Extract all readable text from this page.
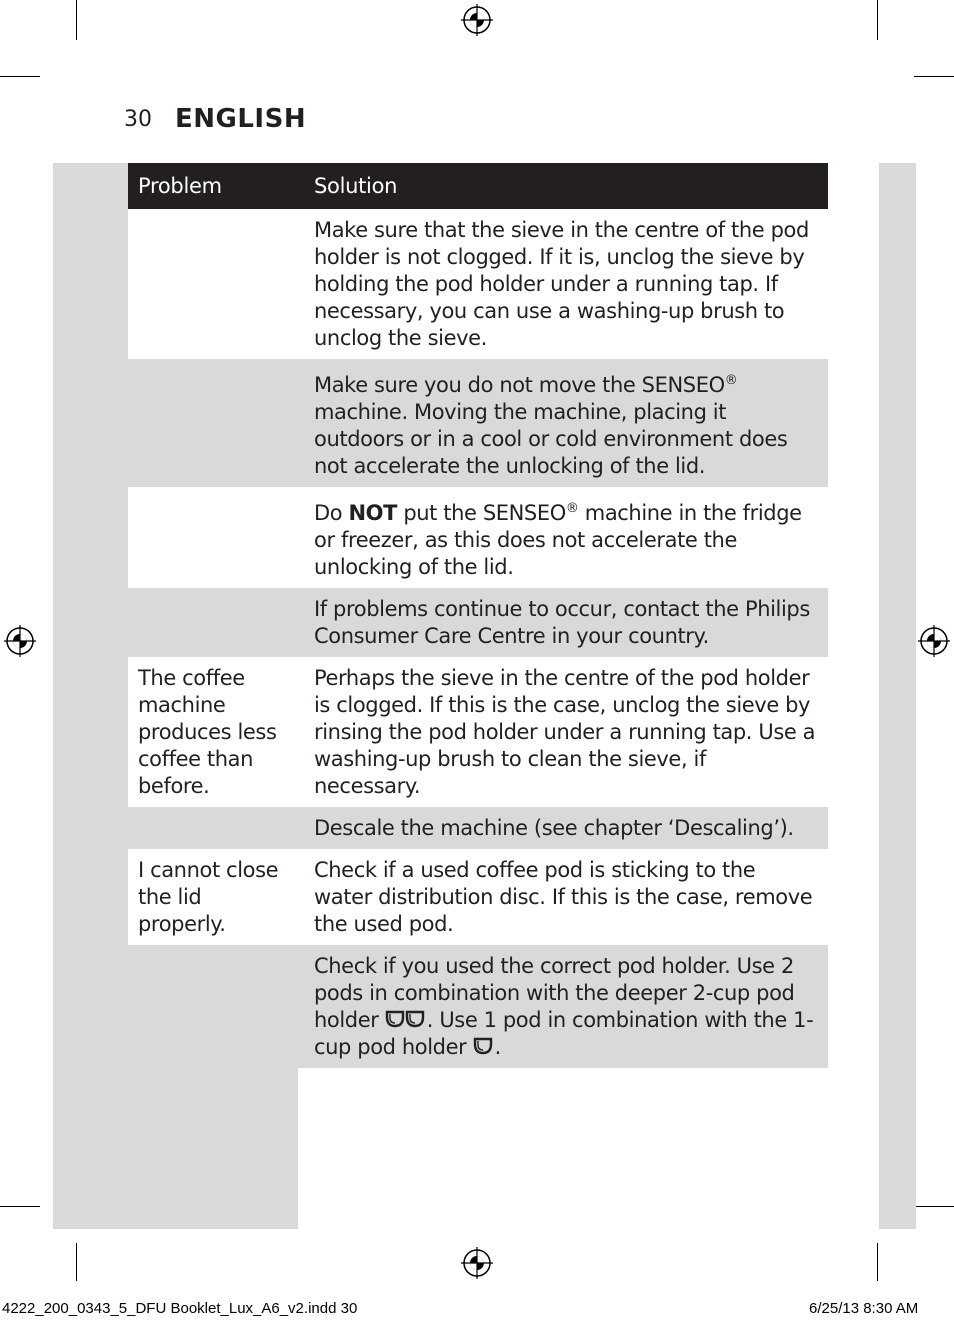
30 ENGLISH
Problem	Solution
	Make sure that the sieve in the centre of the pod holder is not clogged. If it is, unclog the sieve by holding the pod holder under a running tap. If necessary, you can use a washing-up brush to unclog the sieve.
	Make sure you do not move the SENSEO® machine. Moving the machine, placing it outdoors or in a cool or cold environment does not accelerate the unlocking of the lid.
	Do NOT put the SENSEO® machine in the fridge or freezer, as this does not accelerate the unlocking of the lid.
	If problems continue to occur, contact the Philips Consumer Care Centre in your country.
The coffee machine produces less coffee than before.	Perhaps the sieve in the centre of the pod holder is clogged. If this is the case, unclog the sieve by rinsing the pod holder under a running tap. Use a washing-up brush to clean the sieve, if necessary.
	Descale the machine (see chapter ‘Descaling’).
I cannot close the lid properly.	Check if a used coffee pod is sticking to the water distribution disc. If this is the case, remove the used pod.
	Check if you used the correct pod holder. Use 2 pods in combination with the deeper 2-cup pod holder . Use 1 pod in combination with the 1-cup pod holder .
4222_200_0343_5_DFU Booklet_Lux_A6_v2.indd 30	6/25/13 8:30 AM
